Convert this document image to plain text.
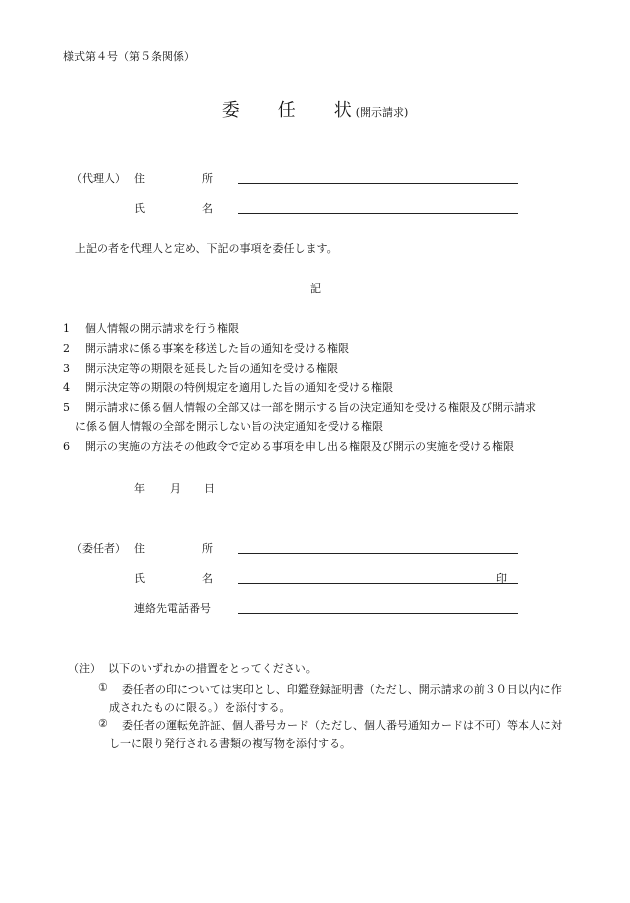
様式第４号（第５条関係）
委 任 状 (開示請求)
（代理人） 住	所
氏	名
上記の者を代理人と定め、下記の事項を委任します。
記
1 個人情報の開示請求を行う権限
2 開示請求に係る事案を移送した旨の通知を受ける権限
3 開示決定等の期限を延長した旨の通知を受ける権限
4 開示決定等の期限の特例規定を適用した旨の通知を受ける権限
5 開示請求に係る個人情報の全部又は一部を開示する旨の決定通知を受ける権限及び開示請求
に係る個人情報の全部を開示しない旨の決定通知を受ける権限
6 開示の実施の方法その他政令で定める事項を申し出る権限及び開示の実施を受ける権限
年 月 日
（委任者） 住	所
氏	名	印
連絡先電話番号
（注） 以下のいずれかの措置をとってください。
① 委任者の印については実印とし、印鑑登録証明書（ただし、開示請求の前３０日以内に作
成されたものに限る。）を添付する。
② 委任者の運転免許証、個人番号カード（ただし、個人番号通知カードは不可）等本人に対
し一に限り発行される書類の複写物を添付する。
